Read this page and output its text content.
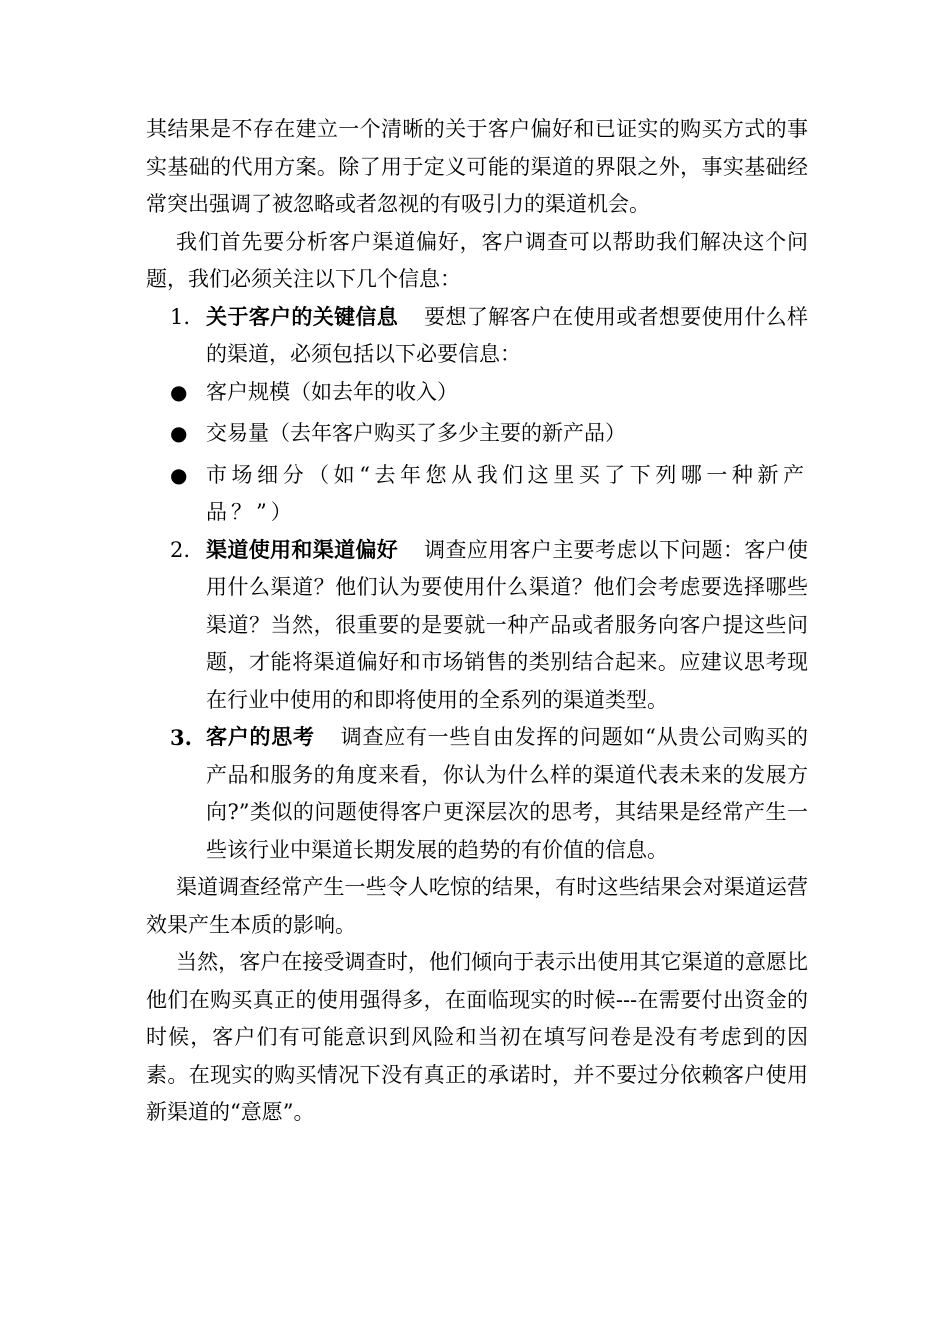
其结果是不存在建立一个清晰的关于客户偏好和已证实的购买方式的事实基础的代用方案。除了用于定义可能的渠道的界限之外，事实基础经常突出强调了被忽略或者忽视的有吸引力的渠道机会。

我们首先要分析客户渠道偏好，客户调查可以帮助我们解决这个问题，我们必须关注以下几个信息：

1. 关于客户的关键信息 要想了解客户在使用或者想要使用什么样的渠道，必须包括以下必要信息：
● 客户规模（如去年的收入）
● 交易量（去年客户购买了多少主要的新产品）
● 市场细分（如“去年您从我们这里买了下列哪一种新产品？”）
2. 渠道使用和渠道偏好 调查应用客户主要考虑以下问题：客户使用什么渠道？他们认为要使用什么渠道？他们会考虑要选择哪些渠道？当然，很重要的是要就一种产品或者服务向客户提这些问题，才能将渠道偏好和市场销售的类别结合起来。应建议思考现在行业中使用的和即将使用的全系列的渠道类型。
3. 客户的思考 调查应有一些自由发挥的问题如“从贵公司购买的产品和服务的角度来看，你认为什么样的渠道代表未来的发展方向?”类似的问题使得客户更深层次的思考，其结果是经常产生一些该行业中渠道长期发展的趋势的有价值的信息。

渠道调查经常产生一些令人吃惊的结果，有时这些结果会对渠道运营效果产生本质的影响。

当然，客户在接受调查时，他们倾向于表示出使用其它渠道的意愿比他们在购买真正的使用强得多，在面临现实的时候---在需要付出资金的时候，客户们有可能意识到风险和当初在填写问卷是没有考虑到的因素。在现实的购买情况下没有真正的承诺时，并不要过分依赖客户使用新渠道的“意愿”。
